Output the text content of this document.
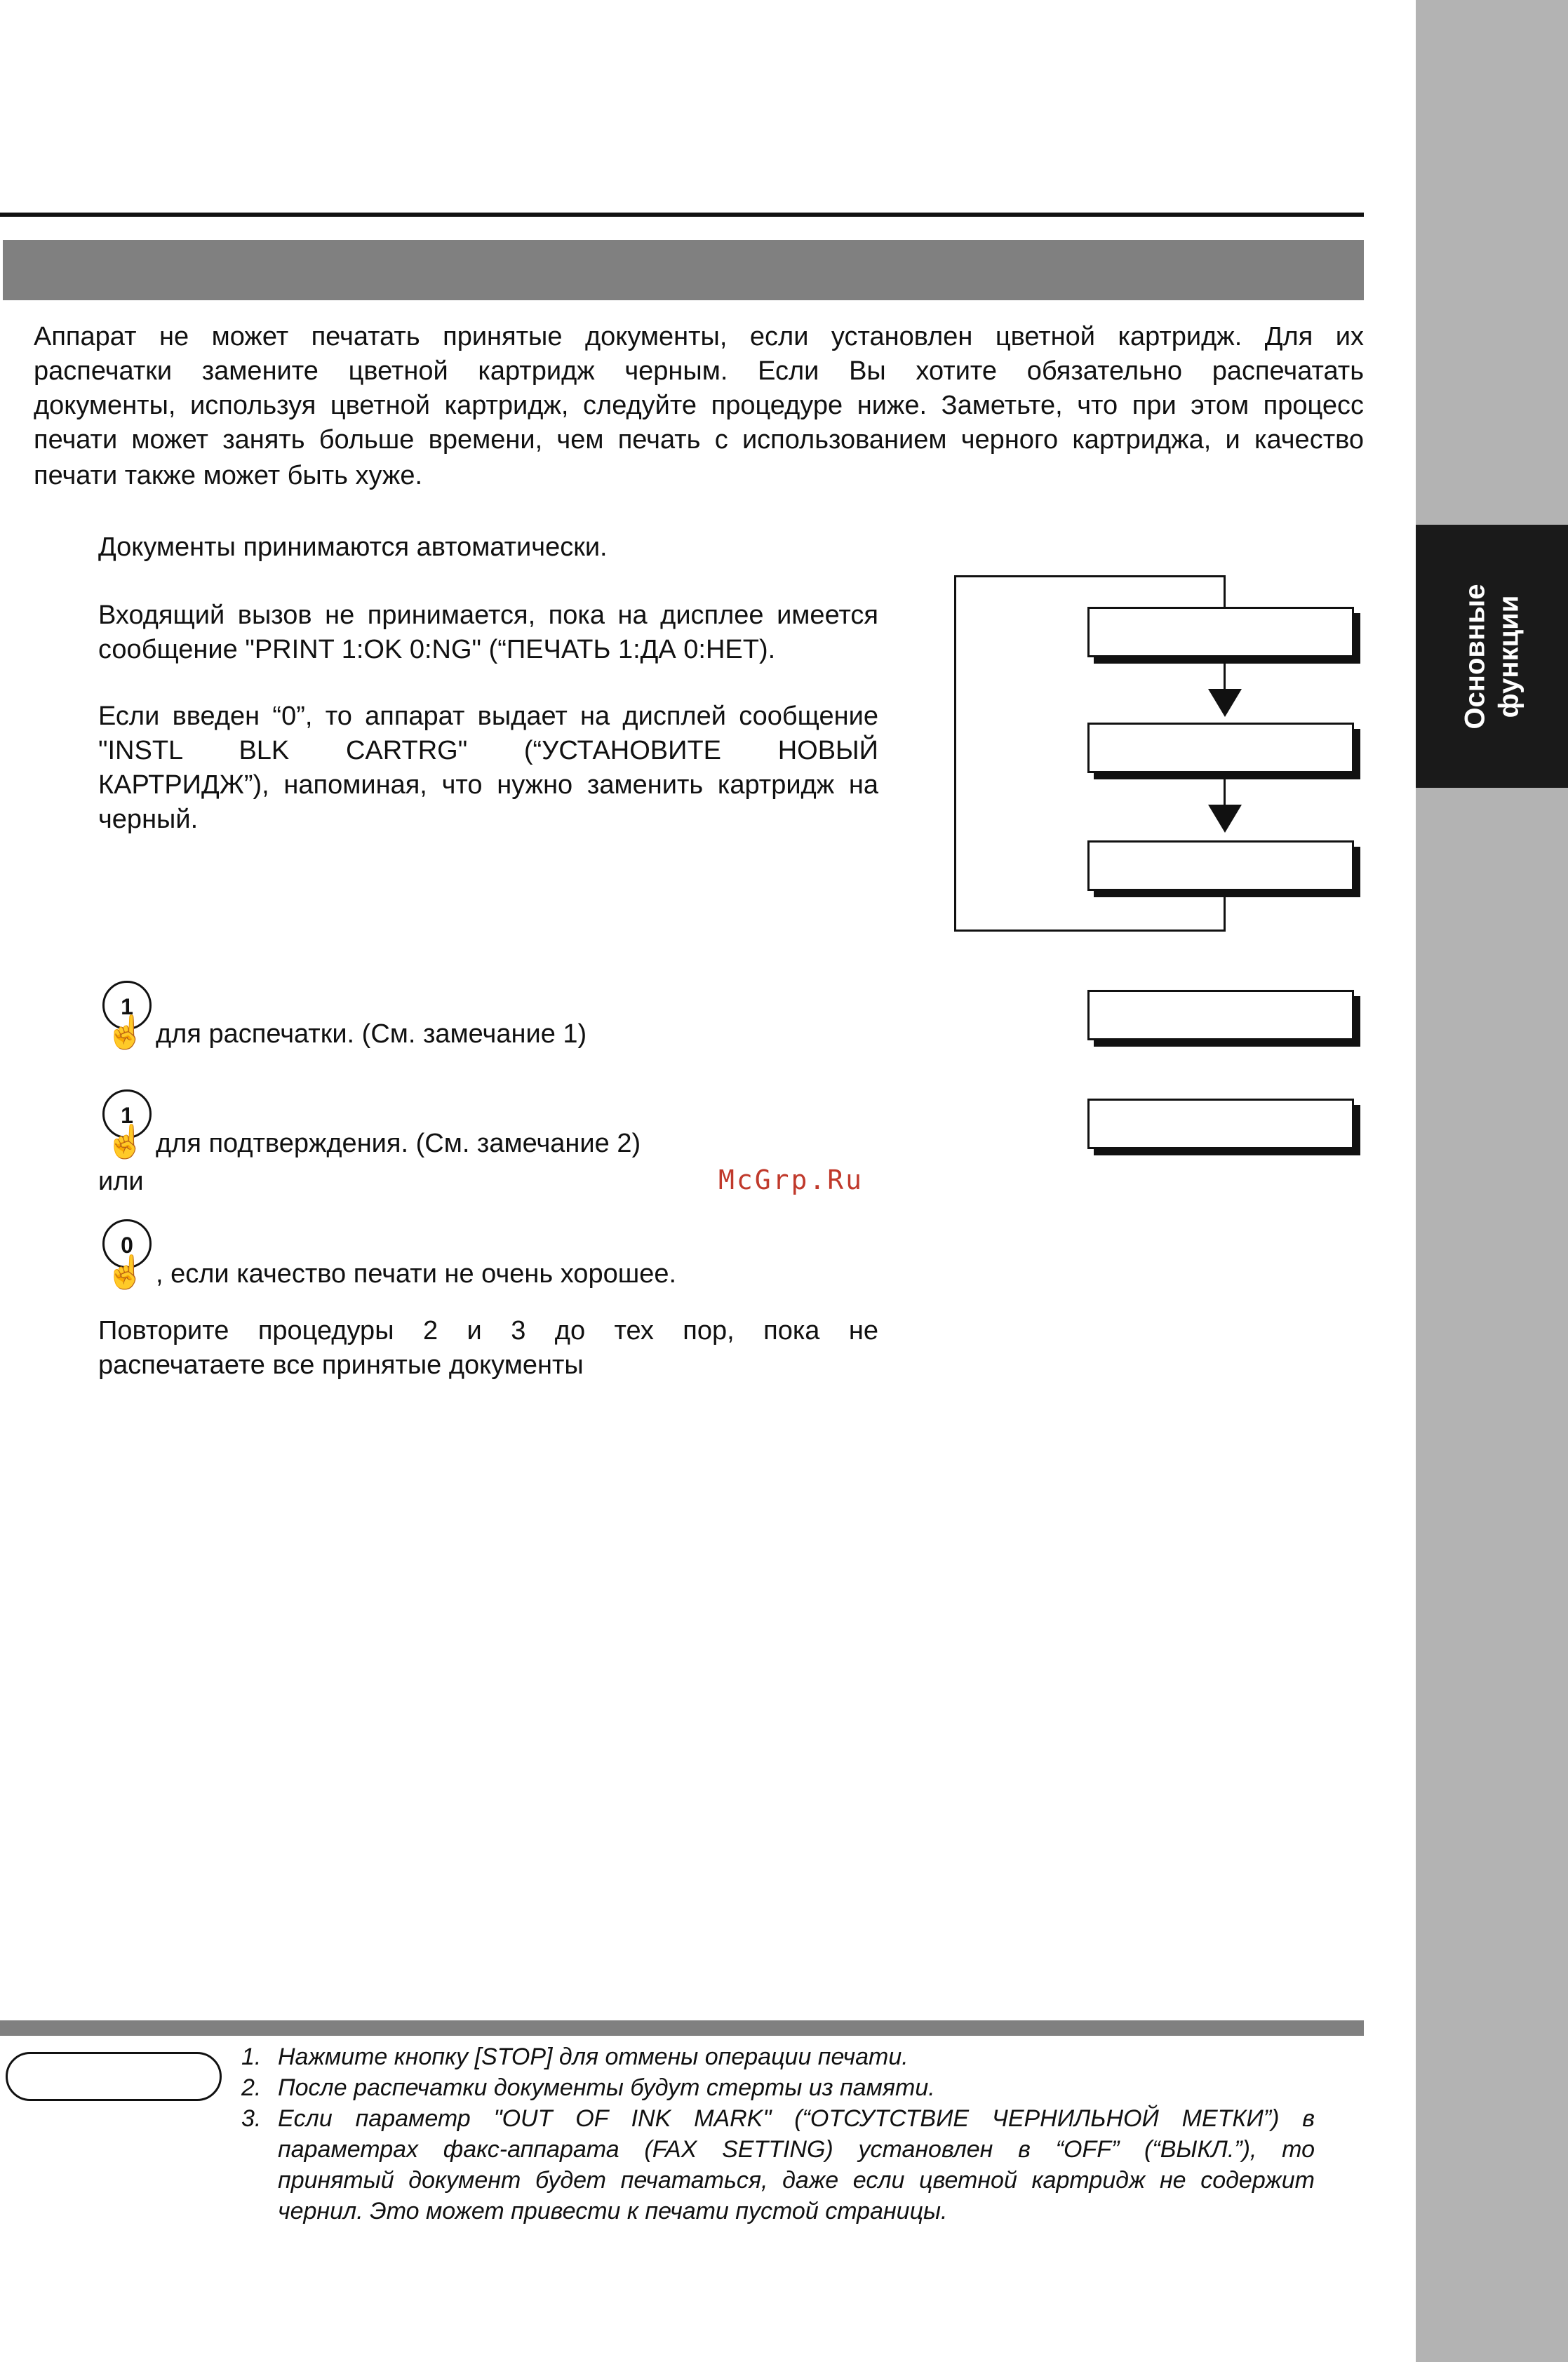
Основные функции
Аппарат не может печатать принятые документы, если установлен цветной картридж. Для их
распечатки замените цветной картридж черным. Если Вы хотите обязательно распечатать
документы, используя цветной картридж, следуйте процедуре ниже. Заметьте, что при этом процесс
печати может занять больше времени, чем печать с использованием черного картриджа, и качество
печати также может быть хуже.
Документы принимаются автоматически.
Входящий вызов не принимается, пока на дисплее имеется
сообщение "PRINT 1:OK 0:NG" (“ПЕЧАТЬ 1:ДА 0:НЕТ).
Если введен “0”, то аппарат выдает на дисплей сообщение
"INSTL BLK CARTRG" (“УСТАНОВИТЕ НОВЫЙ
КАРТРИДЖ”), напоминая, что нужно заменить картридж на
черный.
1
☝ для распечатки. (См. замечание 1)
1
☝ для подтверждения. (См. замечание 2)
или	McGrp.Ru
0
☝ , если качество печати не очень хорошее.
Повторите процедуры 2 и 3 до тех пор, пока не
распечатаете все принятые документы
1. Нажмите кнопку [STOP] для отмены операции печати.
2. После распечатки документы будут стерты из памяти.
3. Если параметр "OUT OF INK MARK" (“ОТСУТСТВИЕ ЧЕРНИЛЬНОЙ МЕТКИ”) в
параметрах факс-аппарата (FAX SETTING) установлен в “OFF” (“ВЫКЛ.”), то
принятый документ будет печататься, даже если цветной картридж не содержит
чернил. Это может привести к печати пустой страницы.
